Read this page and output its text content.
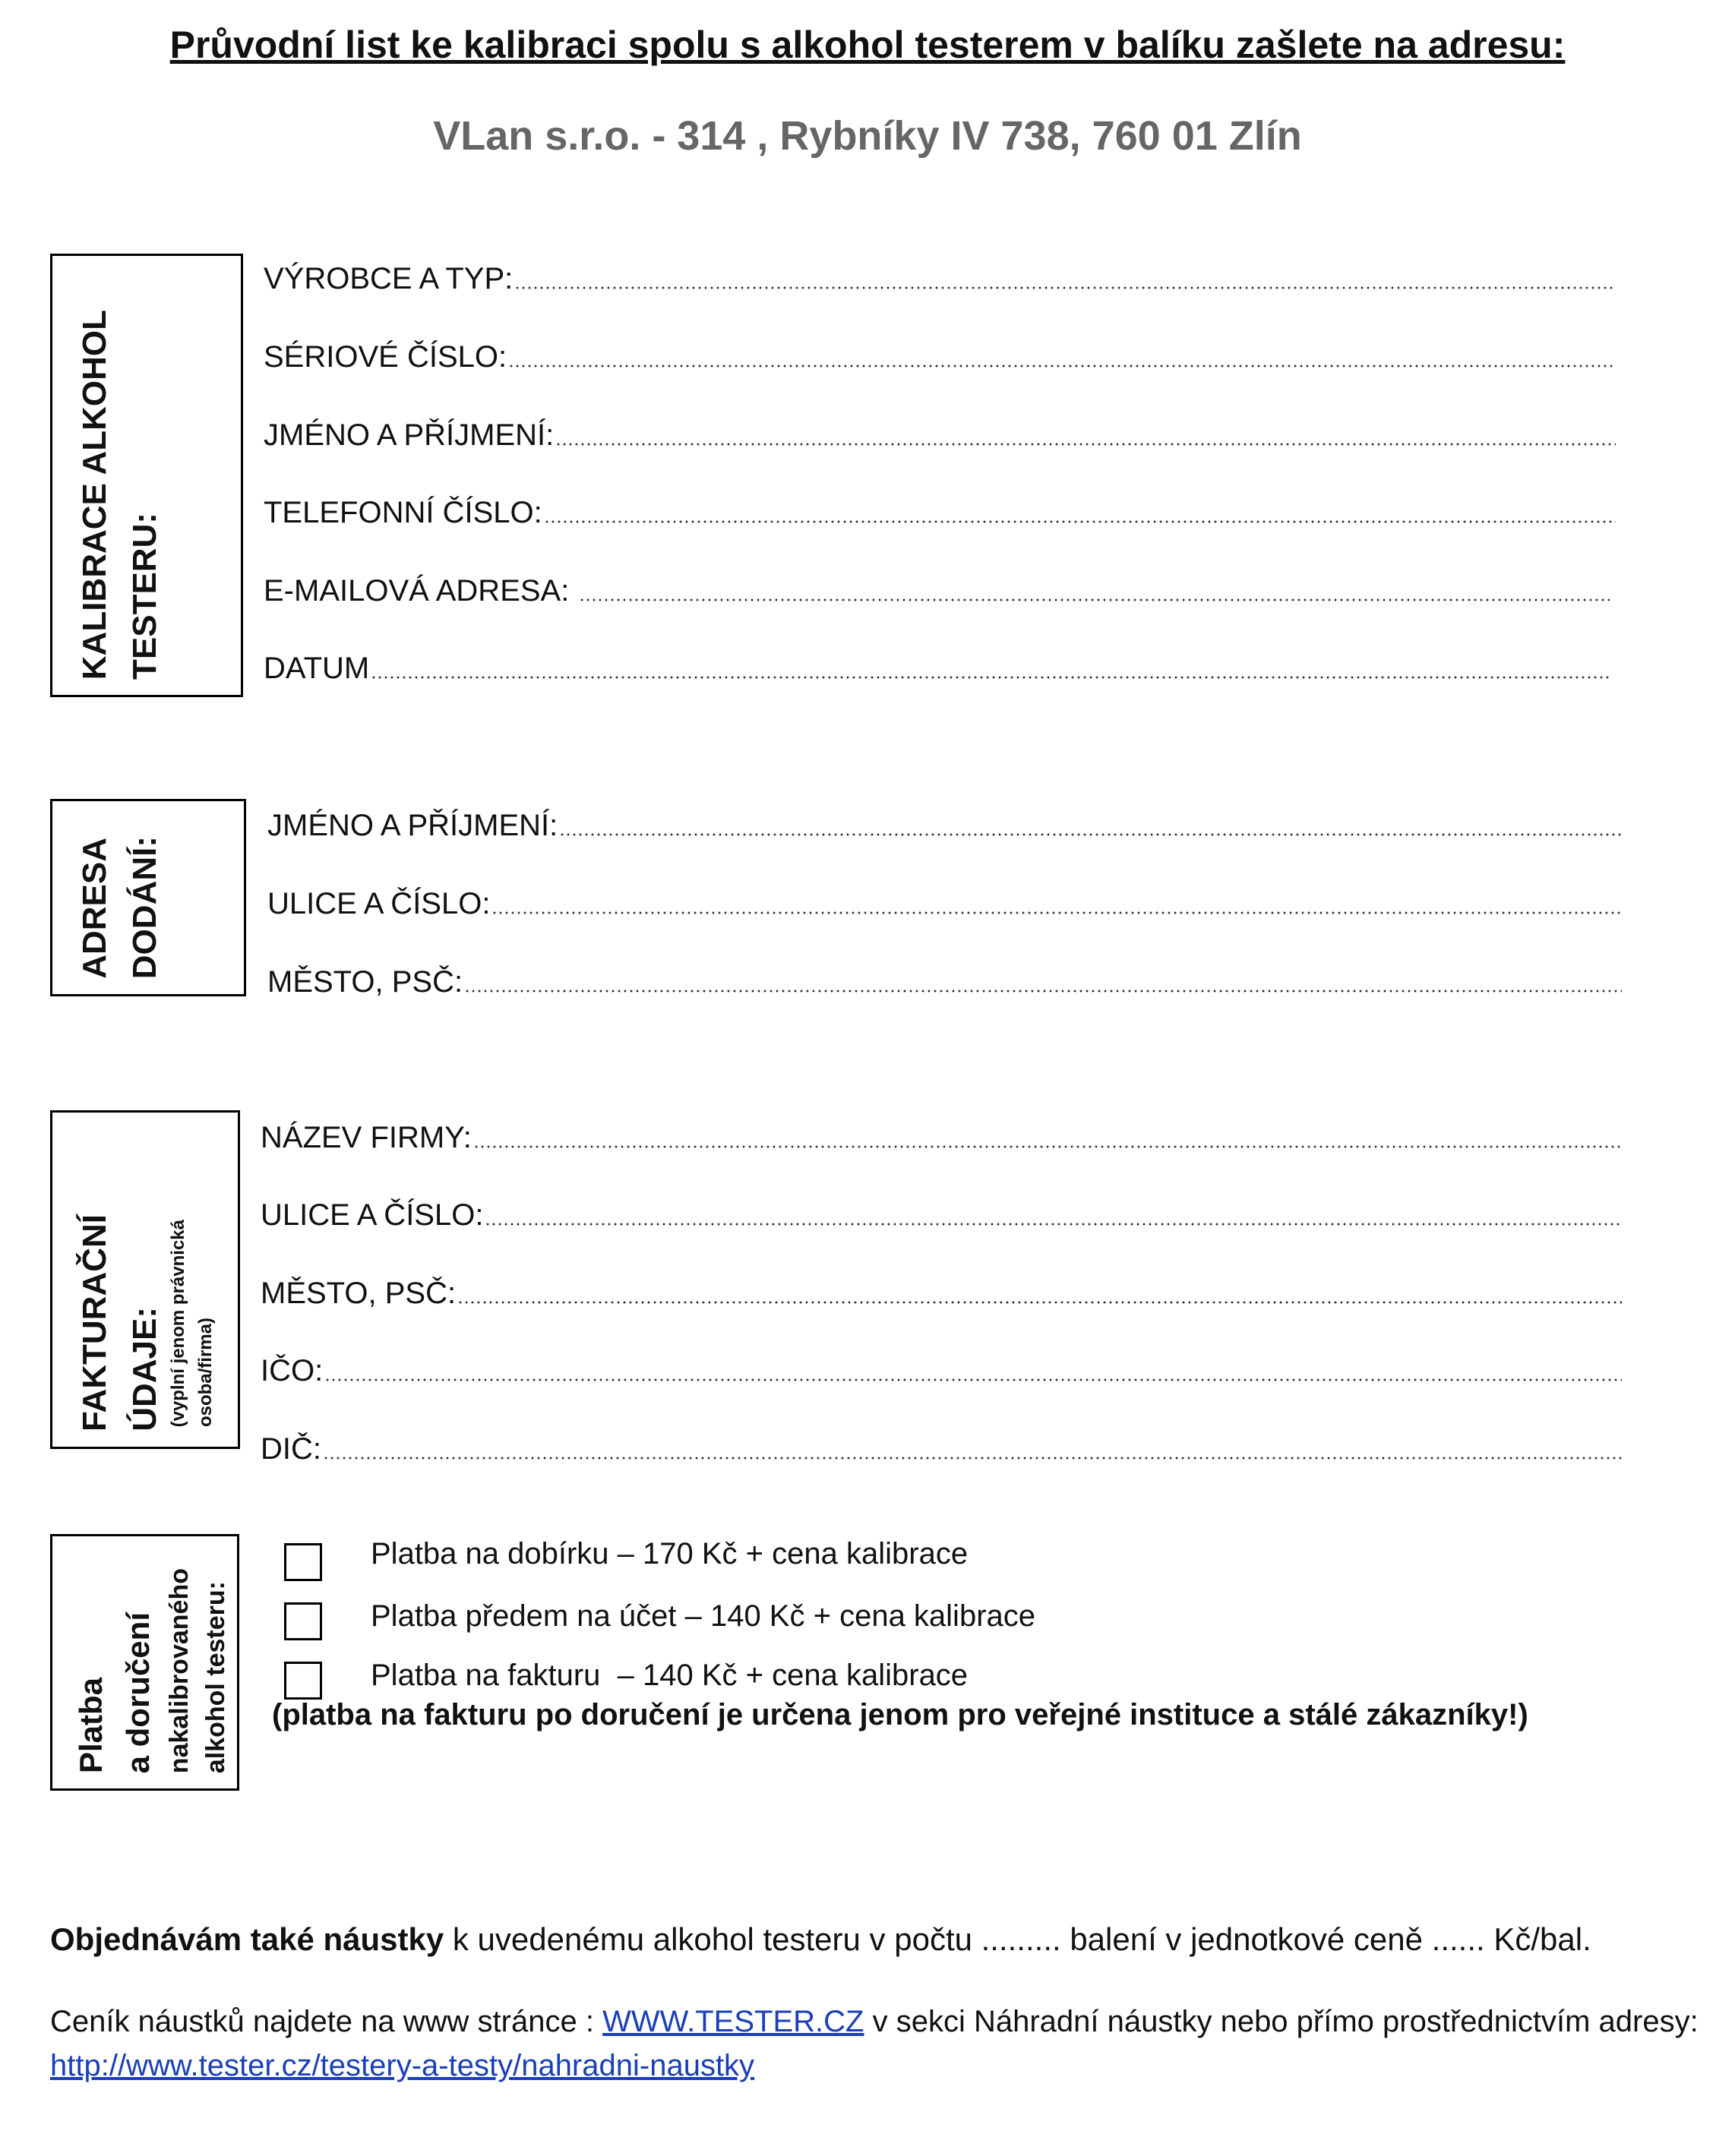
Průvodní list ke kalibraci spolu s alkohol testerem v balíku zašlete na adresu:
VLan s.r.o. - 314 , Rybníky IV 738, 760 01 Zlín
KALIBRACE ALKOHOL TESTERU:
VÝROBCE A TYP:
SÉRIOVÉ ČÍSLO:
JMÉNO A PŘÍJMENÍ:
TELEFONNÍ ČÍSLO:
E-MAILOVÁ ADRESA:
DATUM
ADRESA DODÁNÍ:
JMÉNO A PŘÍJMENÍ:
ULICE A ČÍSLO:
MĚSTO, PSČ:
FAKTURAČNÍ ÚDAJE: (vyplní jenom právnická osoba/firma)
NÁZEV FIRMY:
ULICE A ČÍSLO:
MĚSTO, PSČ:
IČO:
DIČ:
Platba a doručení nakalibrovaného alkohol testeru:
Platba na dobírku – 170 Kč + cena kalibrace
Platba předem na účet – 140 Kč + cena kalibrace
Platba na fakturu  – 140 Kč + cena kalibrace
(platba na fakturu po doručení je určena jenom pro veřejné instituce a stálé zákazníky!)
Objednávám také náustky k uvedenému alkohol testeru v počtu ......... balení v jednotkové ceně ...... Kč/bal.
Ceník náustků najdete na www stránce : WWW.TESTER.CZ v sekci Náhradní náustky nebo přímo prostřednictvím adresy:
http://www.tester.cz/testery-a-testy/nahradni-naustky
